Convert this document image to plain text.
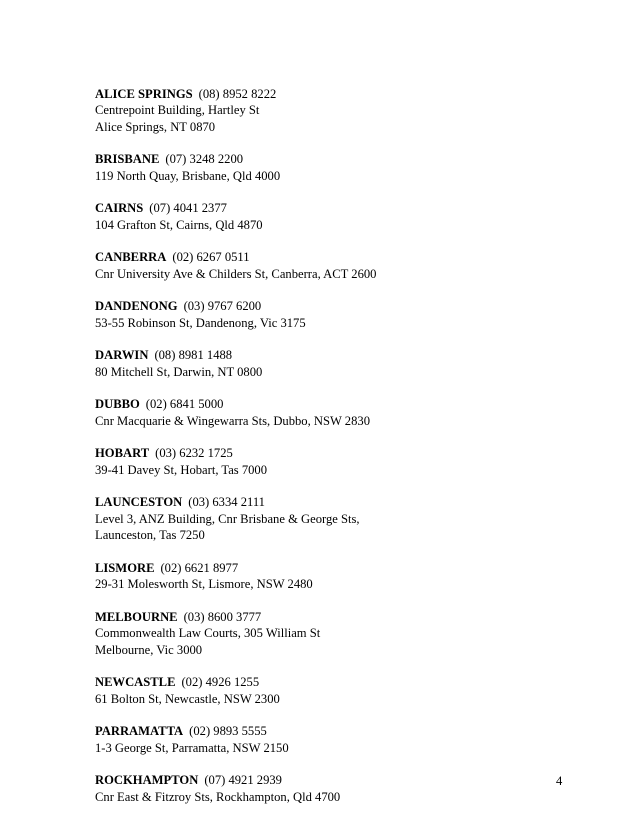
ALICE SPRINGS (08) 8952 8222
Centrepoint Building, Hartley St
Alice Springs, NT 0870
BRISBANE (07) 3248 2200
119 North Quay, Brisbane, Qld 4000
CAIRNS (07) 4041 2377
104 Grafton St, Cairns, Qld 4870
CANBERRA (02) 6267 0511
Cnr University Ave & Childers St, Canberra, ACT 2600
DANDENONG (03) 9767 6200
53-55 Robinson St, Dandenong, Vic 3175
DARWIN (08) 8981 1488
80 Mitchell St, Darwin, NT 0800
DUBBO (02) 6841 5000
Cnr Macquarie & Wingewarra Sts, Dubbo, NSW 2830
HOBART (03) 6232 1725
39-41 Davey St, Hobart, Tas 7000
LAUNCESTON (03) 6334 2111
Level 3, ANZ Building, Cnr Brisbane & George Sts,
Launceston, Tas 7250
LISMORE (02) 6621 8977
29-31 Molesworth St, Lismore, NSW 2480
MELBOURNE (03) 8600 3777
Commonwealth Law Courts, 305 William St
Melbourne, Vic 3000
NEWCASTLE (02) 4926 1255
61 Bolton St, Newcastle, NSW 2300
PARRAMATTA (02) 9893 5555
1-3 George St, Parramatta, NSW 2150
ROCKHAMPTON (07) 4921 2939
Cnr East & Fitzroy Sts, Rockhampton, Qld 4700
4
